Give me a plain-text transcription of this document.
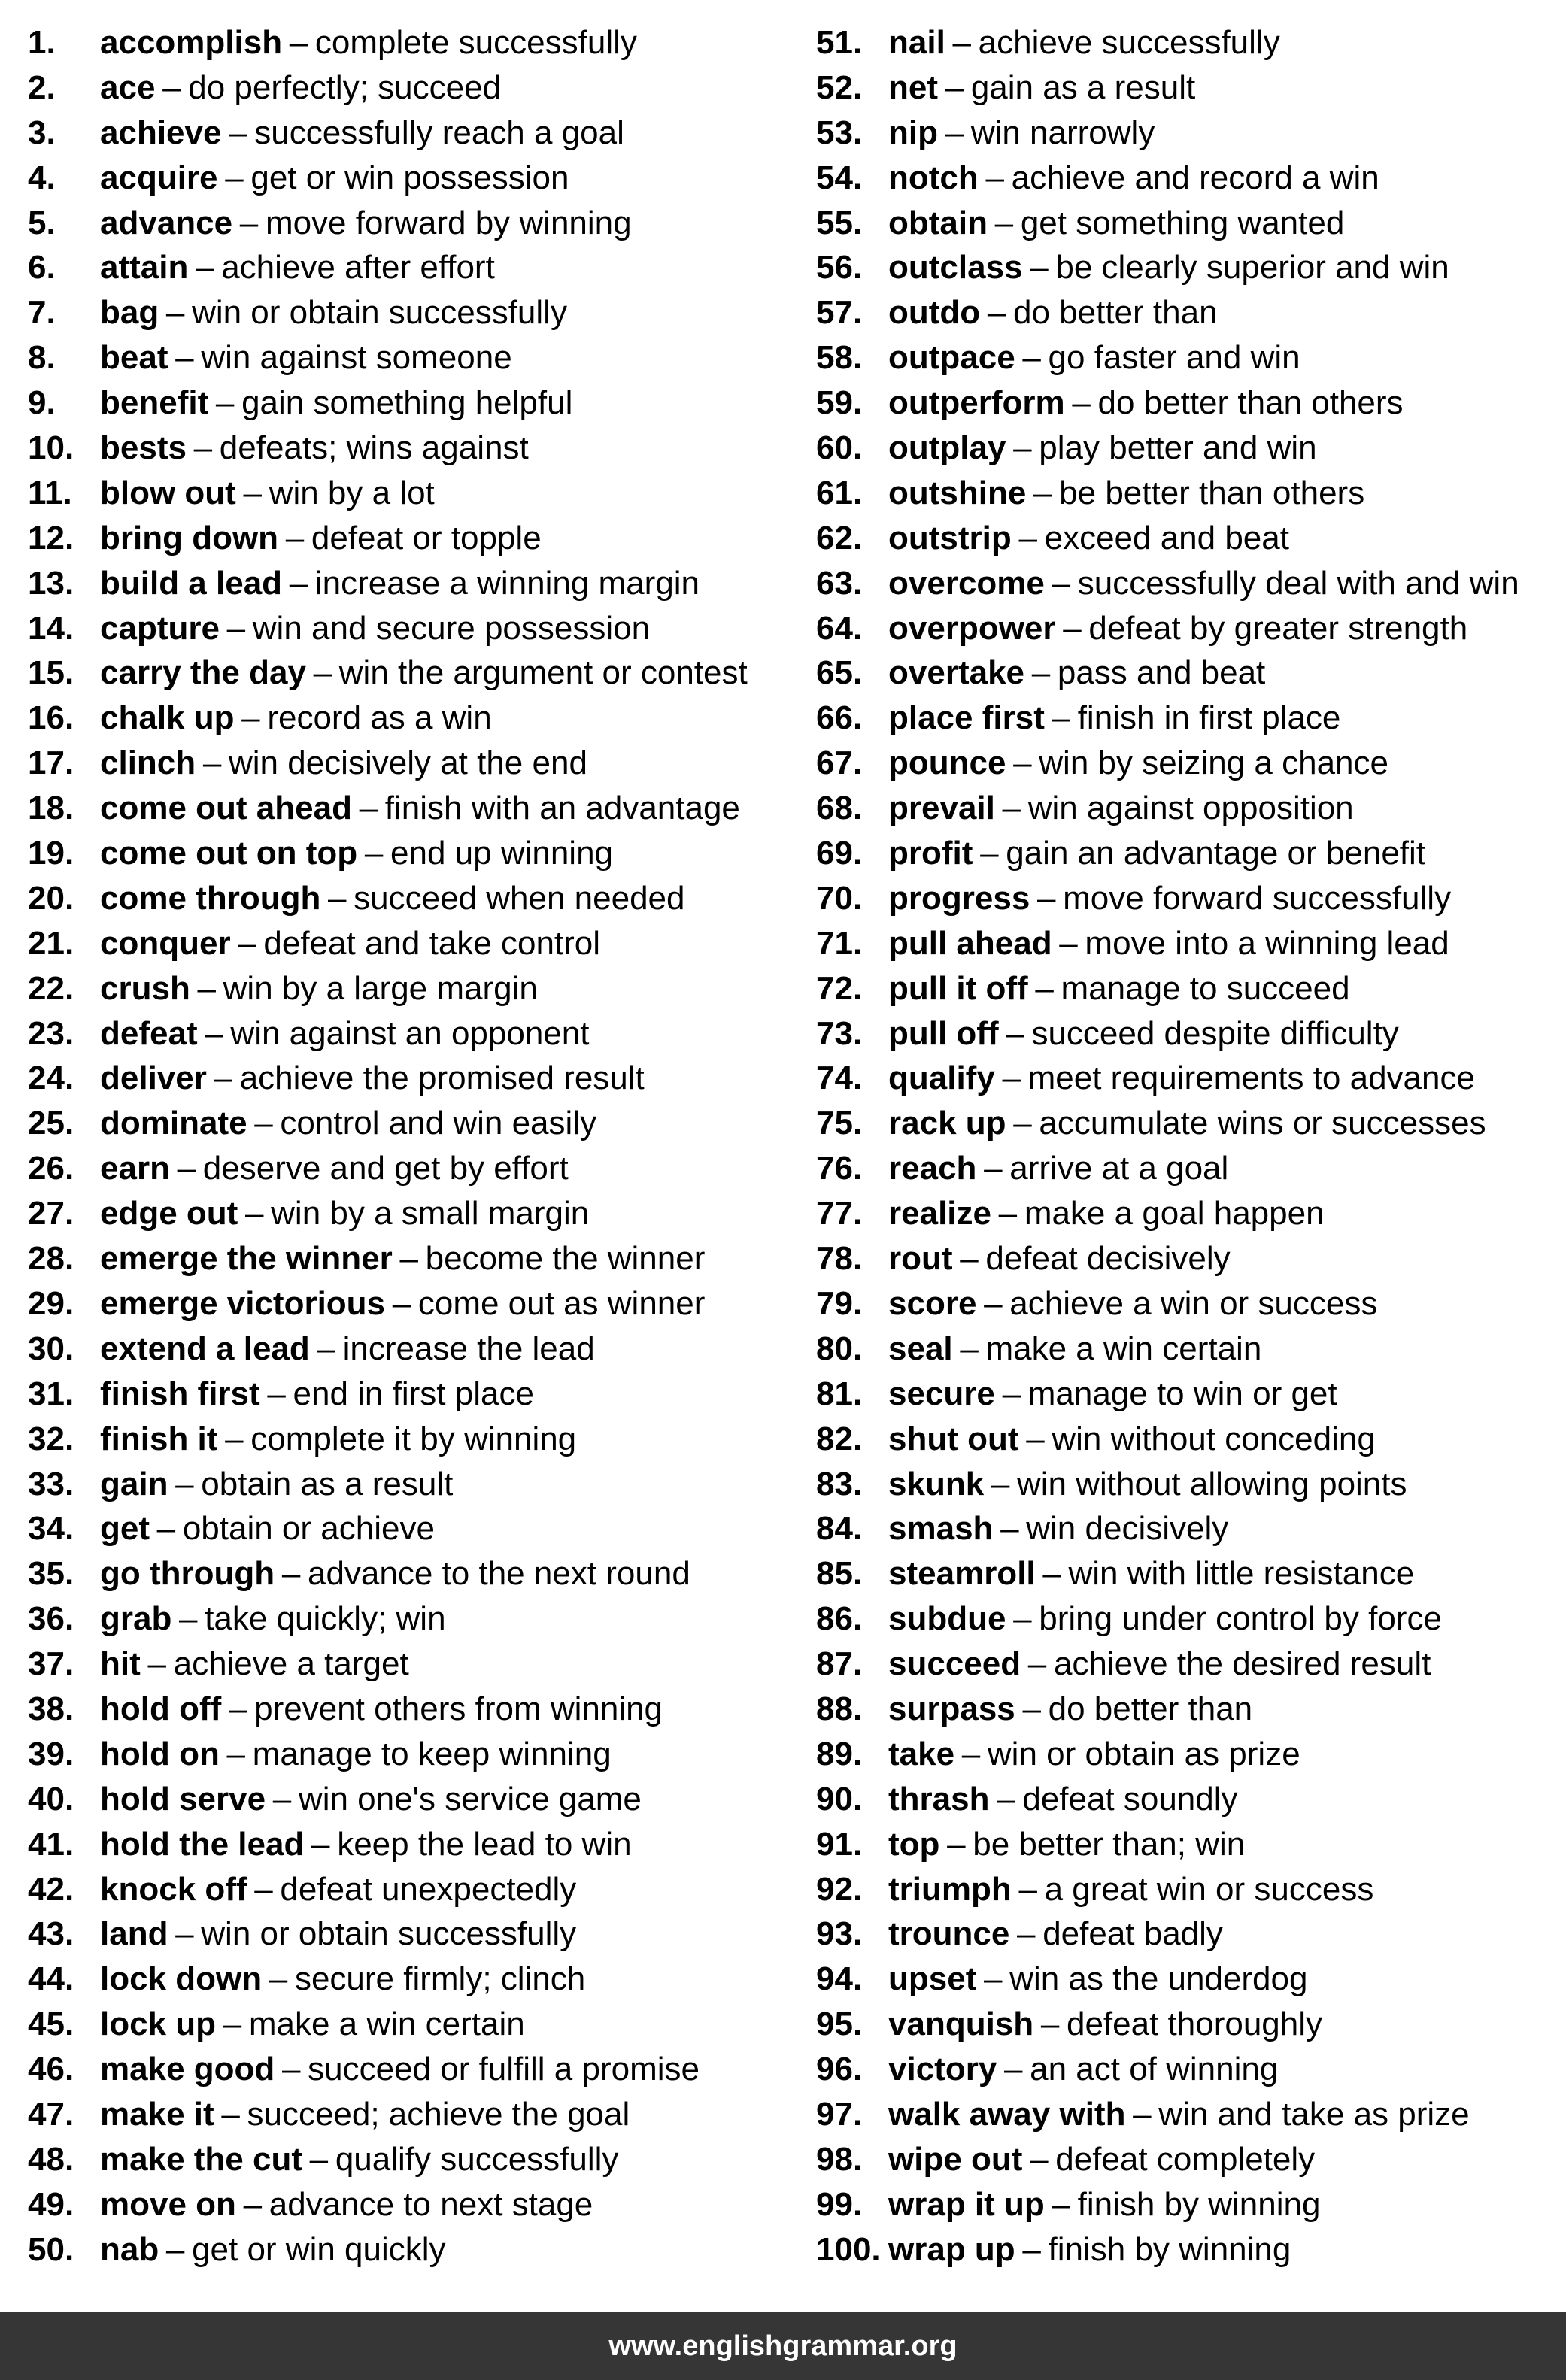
1.	accomplish – complete successfully
2.	ace – do perfectly; succeed
3.	achieve – successfully reach a goal
4.	acquire – get or win possession
5.	advance – move forward by winning
6.	attain – achieve after effort
7.	bag – win or obtain successfully
8.	beat – win against someone
9.	benefit – gain something helpful
10. bests – defeats; wins against
11. blow out – win by a lot
12. bring down – defeat or topple
13. build a lead – increase a winning margin
14. capture – win and secure possession
15. carry the day – win the argument or contest
16. chalk up – record as a win
17. clinch – win decisively at the end
18. come out ahead – finish with an advantage
19. come out on top – end up winning
20. come through – succeed when needed
21. conquer – defeat and take control
22. crush – win by a large margin
23. defeat – win against an opponent
24. deliver – achieve the promised result
25. dominate – control and win easily
26. earn – deserve and get by effort
27. edge out – win by a small margin
28. emerge the winner – become the winner
29. emerge victorious – come out as winner
30. extend a lead – increase the lead
31. finish first – end in first place
32. finish it – complete it by winning
33. gain – obtain as a result
34. get – obtain or achieve
35. go through – advance to the next round
36. grab – take quickly; win
37. hit – achieve a target
38. hold off – prevent others from winning
39. hold on – manage to keep winning
40. hold serve – win one's service game
41. hold the lead – keep the lead to win
42. knock off – defeat unexpectedly
43. land – win or obtain successfully
44. lock down – secure firmly; clinch
45. lock up – make a win certain
46. make good – succeed or fulfill a promise
47. make it – succeed; achieve the goal
48. make the cut – qualify successfully
49. move on – advance to next stage
50. nab – get or win quickly
51. nail – achieve successfully
52. net – gain as a result
53. nip – win narrowly
54. notch – achieve and record a win
55. obtain – get something wanted
56. outclass – be clearly superior and win
57. outdo – do better than
58. outpace – go faster and win
59. outperform – do better than others
60. outplay – play better and win
61. outshine – be better than others
62. outstrip – exceed and beat
63. overcome – successfully deal with and win
64. overpower – defeat by greater strength
65. overtake – pass and beat
66. place first – finish in first place
67. pounce – win by seizing a chance
68. prevail – win against opposition
69. profit – gain an advantage or benefit
70. progress – move forward successfully
71. pull ahead – move into a winning lead
72. pull it off – manage to succeed
73. pull off – succeed despite difficulty
74. qualify – meet requirements to advance
75. rack up – accumulate wins or successes
76. reach – arrive at a goal
77. realize – make a goal happen
78. rout – defeat decisively
79. score – achieve a win or success
80. seal – make a win certain
81. secure – manage to win or get
82. shut out – win without conceding
83. skunk – win without allowing points
84. smash – win decisively
85. steamroll – win with little resistance
86. subdue – bring under control by force
87. succeed – achieve the desired result
88. surpass – do better than
89. take – win or obtain as prize
90. thrash – defeat soundly
91. top – be better than; win
92. triumph – a great win or success
93. trounce – defeat badly
94. upset – win as the underdog
95. vanquish – defeat thoroughly
96. victory – an act of winning
97. walk away with – win and take as prize
98. wipe out – defeat completely
99. wrap it up – finish by winning
100. wrap up – finish by winning
www.englishgrammar.org
